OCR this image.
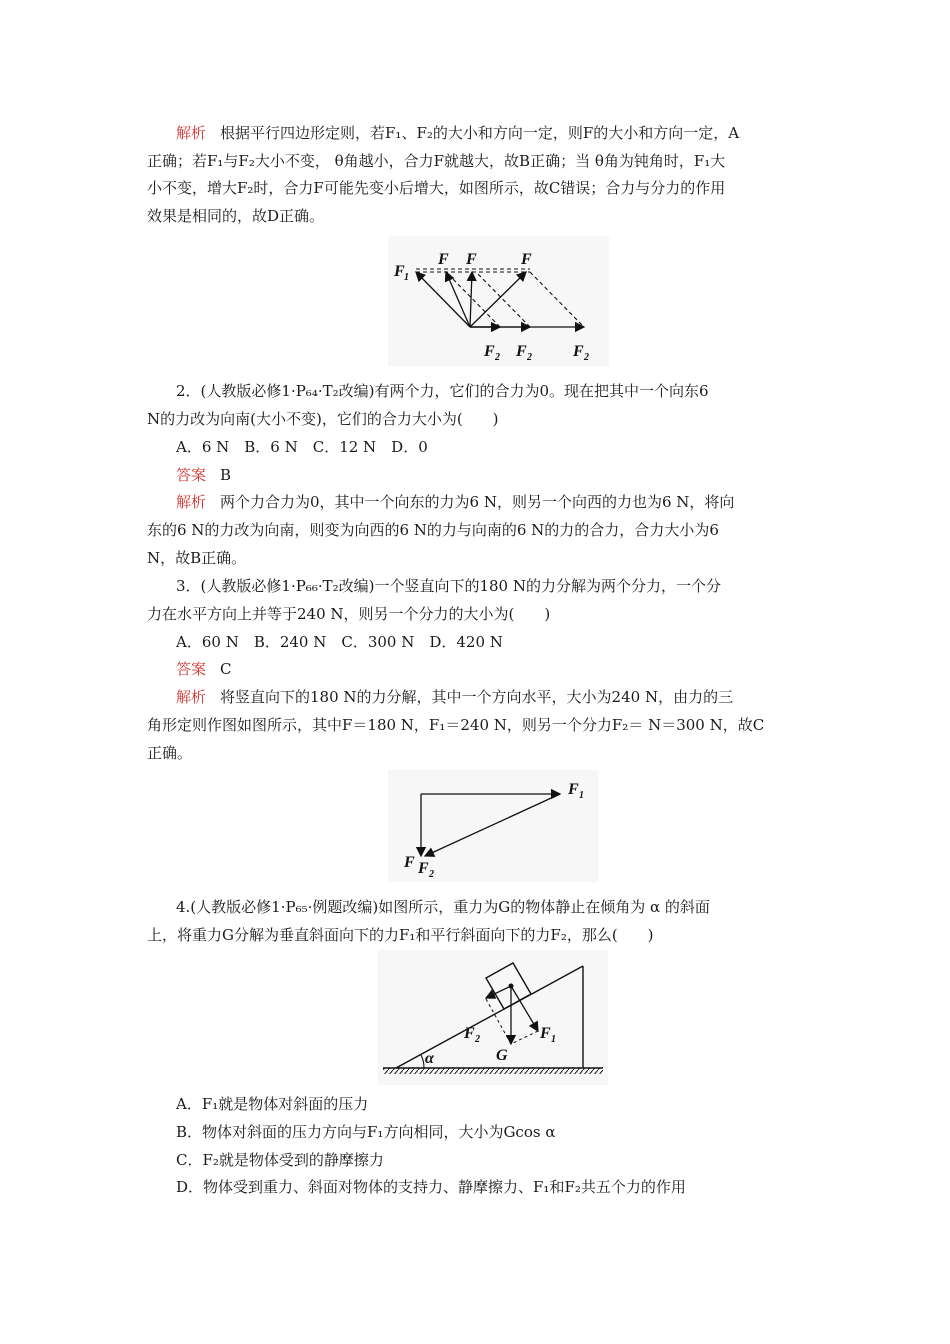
解析 根据平行四边形定则，若F₁、F₂的大小和方向一定，则F的大小和方向一定，A
正确；若F₁与F₂大小不变， θ角越小，合力F就越大，故B正确；当 θ角为钝角时，F₁大
小不变，增大F₂时，合力F可能先变小后增大，如图所示，故C错误；合力与分力的作用
效果是相同的，故D正确。
F 1
F F	F
F 2 F 2	F 2
2．(人教版必修1·P₆₄·T₂改编)有两个力，它们的合力为0。现在把其中一个向东6
N的力改为向南(大小不变)，它们的合力大小为(　　)
A．6 N　B．6 N　C．12 N　D．0
答案 B
解析 两个力合力为0，其中一个向东的力为6 N，则另一个向西的力也为6 N，将向
东的6 N的力改为向南，则变为向西的6 N的力与向南的6 N的力的合力，合力大小为6
N，故B正确。
3．(人教版必修1·P₆₆·T₂改编)一个竖直向下的180 N的力分解为两个分力，一个分
力在水平方向上并等于240 N，则另一个分力的大小为(　　)
A．60 N　B．240 N　C．300 N　D．420 N
答案 C
解析 将竖直向下的180 N的力分解，其中一个方向水平，大小为240 N，由力的三
角形定则作图如图所示，其中F＝180 N，F₁＝240 N，则另一个分力F₂＝ N＝300 N，故C
正确。
F 1
F F 2
4.(人教版必修1·P₆₅·例题改编)如图所示，重力为G的物体静止在倾角为 α 的斜面
上，将重力G分解为垂直斜面向下的力F₁和平行斜面向下的力F₂，那么(　　)
α
F 2	F 1
G
A．F₁就是物体对斜面的压力
B．物体对斜面的压力方向与F₁方向相同，大小为Gcos α
C．F₂就是物体受到的静摩擦力
D．物体受到重力、斜面对物体的支持力、静摩擦力、F₁和F₂共五个力的作用
